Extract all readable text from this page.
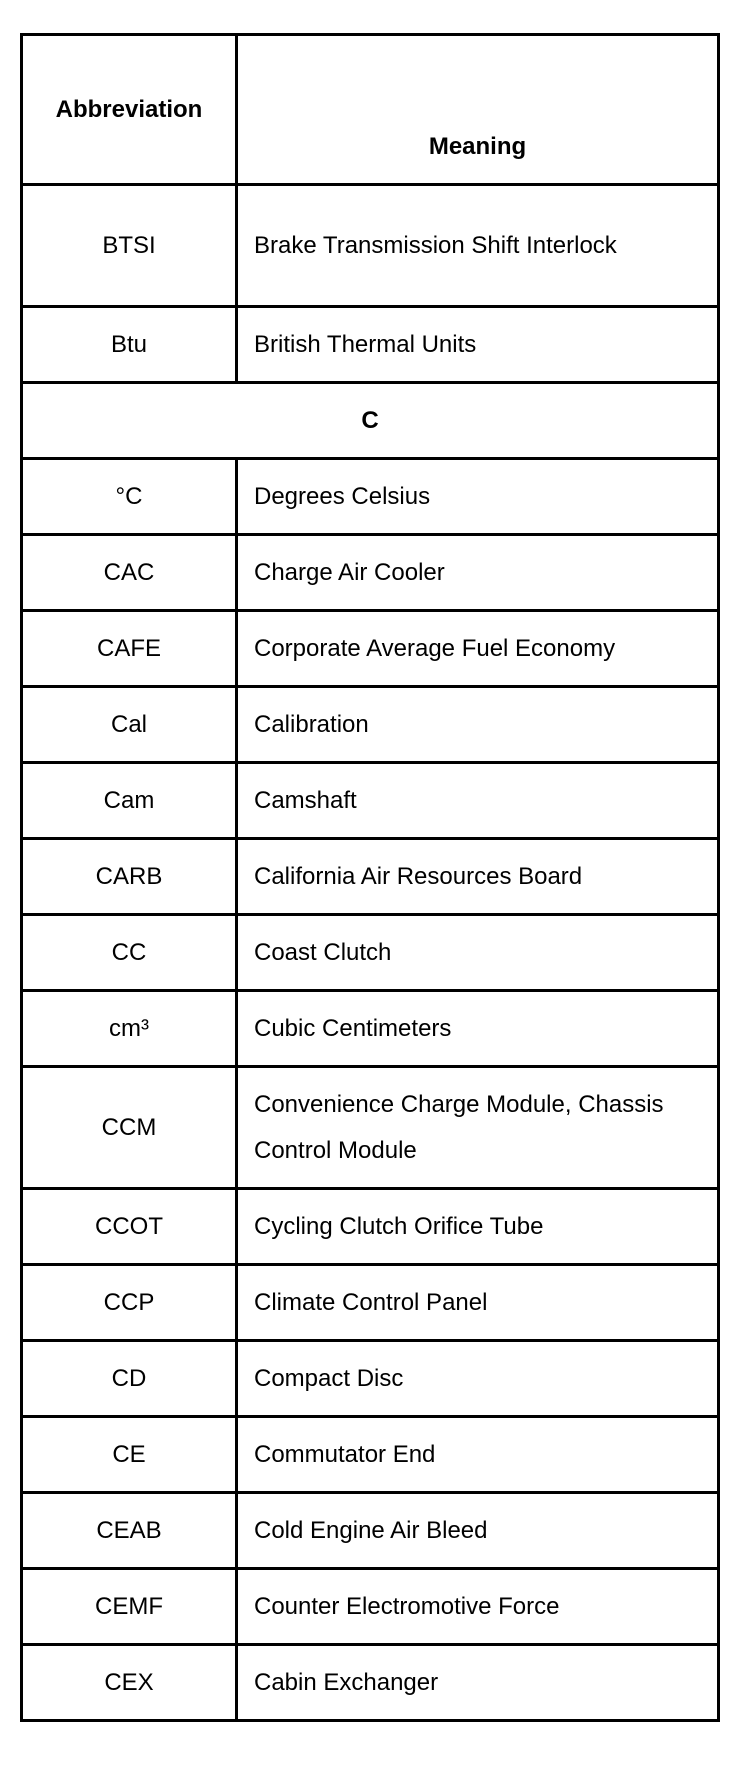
Abbreviation	Meaning
BTSI	Brake Transmission Shift Interlock
Btu	British Thermal Units
C	
°C	Degrees Celsius
CAC	Charge Air Cooler
CAFE	Corporate Average Fuel Economy
Cal	Calibration
Cam	Camshaft
CARB	California Air Resources Board
CC	Coast Clutch
cm³	Cubic Centimeters
CCM	Convenience Charge Module, Chassis Control Module
CCOT	Cycling Clutch Orifice Tube
CCP	Climate Control Panel
CD	Compact Disc
CE	Commutator End
CEAB	Cold Engine Air Bleed
CEMF	Counter Electromotive Force
CEX	Cabin Exchanger
